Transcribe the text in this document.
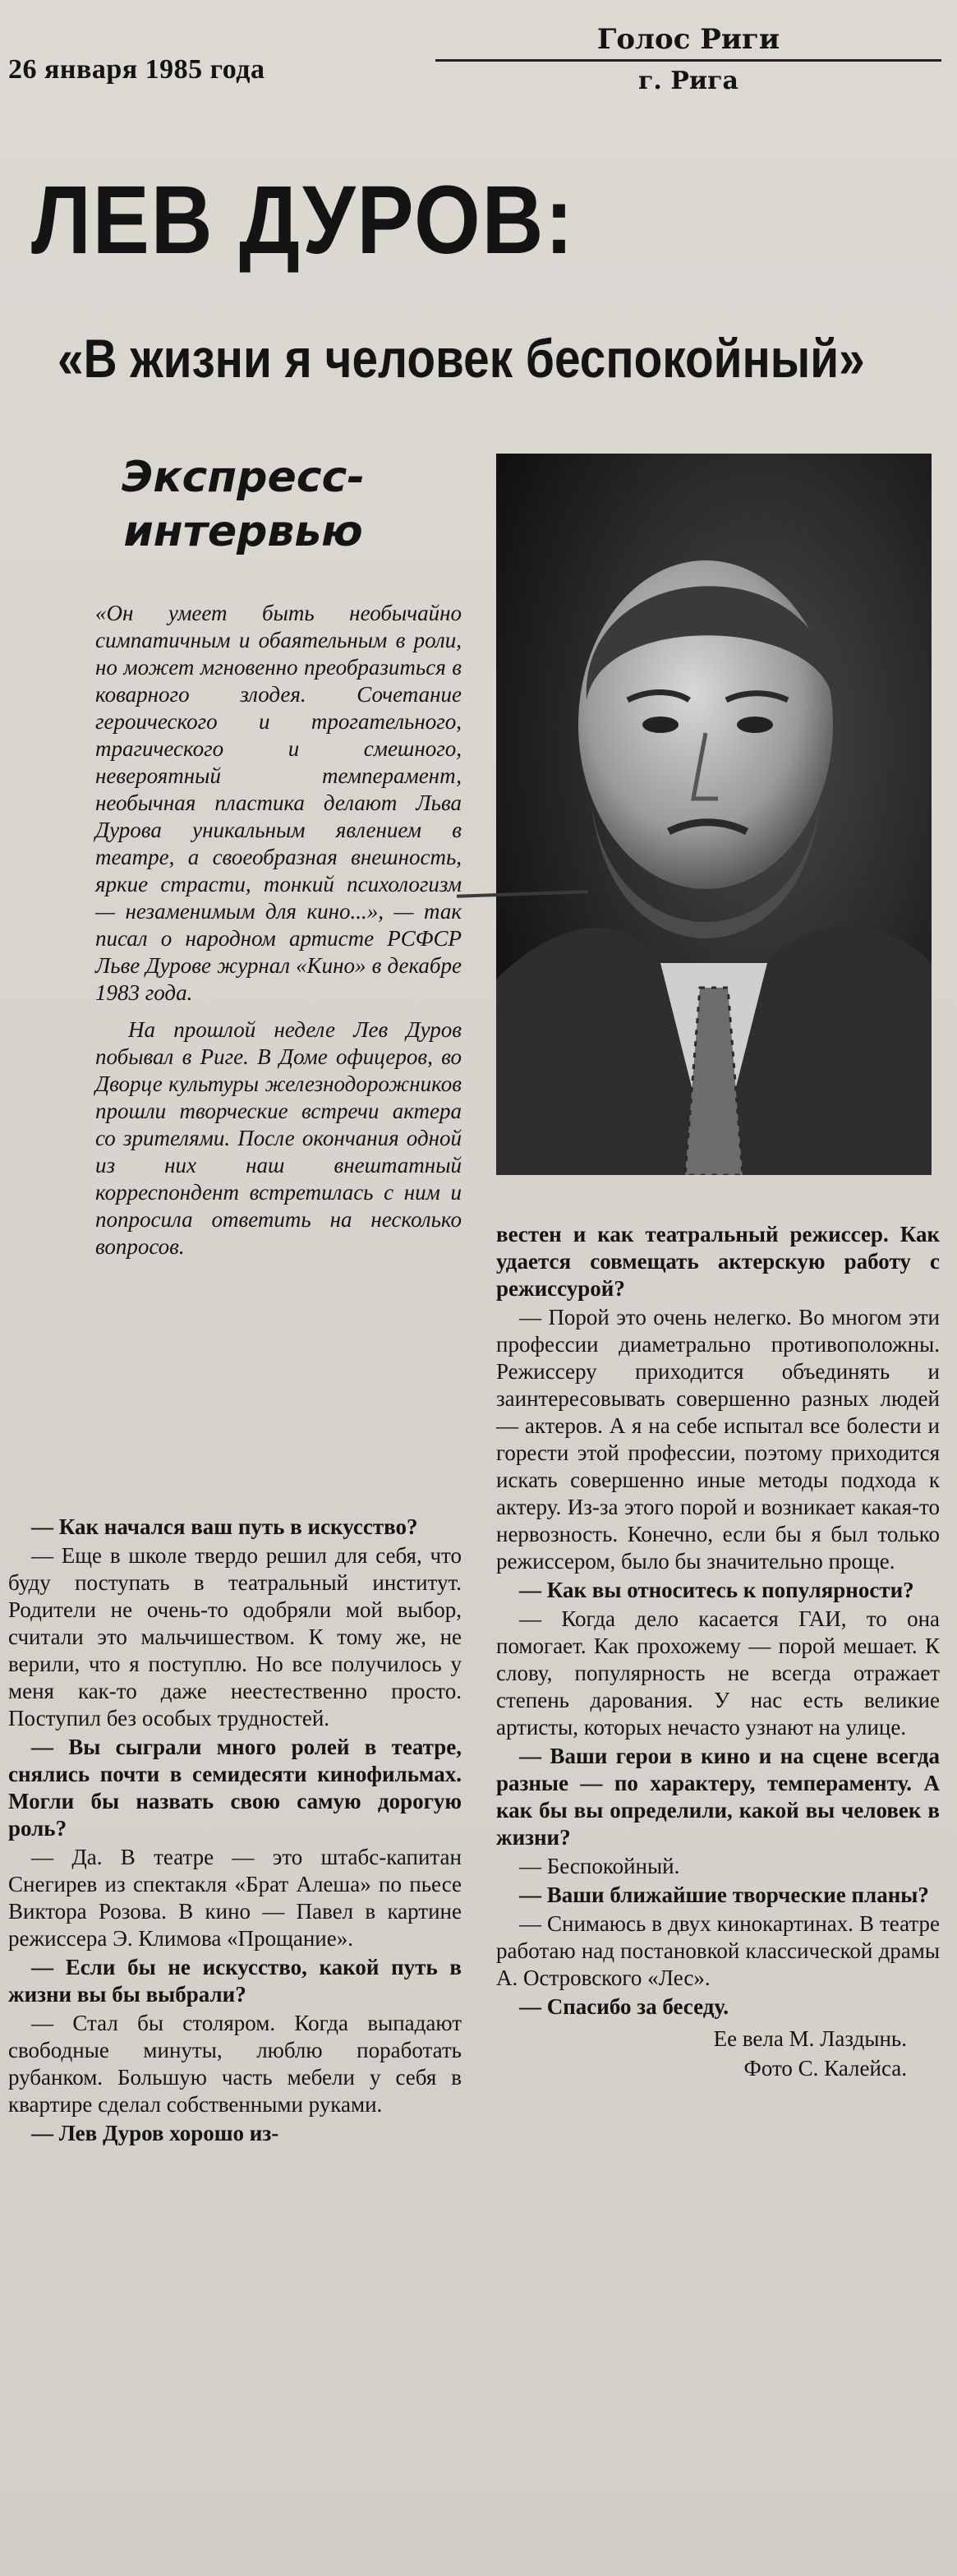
26 января 1985 года
Голос Риги
г. Рига
ЛЕВ ДУРОВ:
«В жизни я человек беспокойный»
Экспресс-
интервью

«Он умеет быть необычайно симпатичным и обаятельным в роли, но может мгновенно преобразиться в коварного злодея. Сочетание героического и трогательного, трагического и смешного, невероятный темперамент, необычная пластика делают Льва Дурова уникальным явлением в театре, а своеобразная внешность, яркие страсти, тонкий психологизм — незаменимым для кино...», — так писал о народном артисте РСФСР Льве Дурове журнал «Кино» в декабре 1983 года.

На прошлой неделе Лев Дуров побывал в Риге. В Доме офицеров, во Дворце культуры железнодорожников прошли творческие встречи актера со зрителями. После окончания одной из них наш внештатный корреспондент встретилась с ним и попросила ответить на несколько вопросов.

— Как начался ваш путь в искусство?

— Еще в школе твердо решил для себя, что буду поступать в театральный институт. Родители не очень-то одобряли мой выбор, считали это мальчишеством. К тому же, не верили, что я поступлю. Но все получилось у меня как-то даже неестественно просто. Поступил без особых трудностей.

— Вы сыграли много ролей в театре, снялись почти в семидесяти кинофильмах. Могли бы назвать свою самую дорогую роль?

— Да. В театре — это штабс-капитан Снегирев из спектакля «Брат Алеша» по пьесе Виктора Розова. В кино — Павел в картине режиссера Э. Климова «Прощание».

— Если бы не искусство, какой путь в жизни вы бы выбрали?

— Стал бы столяром. Когда выпадают свободные минуты, люблю поработать рубанком. Большую часть мебели у себя в квартире сделал собственными руками.

— Лев Дуров хорошо из-

вестен и как театральный режиссер. Как удается совмещать актерскую работу с режиссурой?

— Порой это очень нелегко. Во многом эти профессии диаметрально противоположны. Режиссеру приходится объединять и заинтересовывать совершенно разных людей — актеров. А я на себе испытал все болести и горести этой профессии, поэтому приходится искать совершенно иные методы подхода к актеру. Из-за этого порой и возникает какая-то нервозность. Конечно, если бы я был только режиссером, было бы значительно проще.

— Как вы относитесь к популярности?

— Когда дело касается ГАИ, то она помогает. Как прохожему — порой мешает. К слову, популярность не всегда отражает степень дарования. У нас есть великие артисты, которых нечасто узнают на улице.

— Ваши герои в кино и на сцене всегда разные — по характеру, темпераменту. А как бы вы определили, какой вы человек в жизни?

— Беспокойный.

— Ваши ближайшие творческие планы?

— Снимаюсь в двух кинокартинах. В театре работаю над постановкой классической драмы А. Островского «Лес».

— Спасибо за беседу.

Ее вела М. Лаздынь.
Фото С. Калейса.
